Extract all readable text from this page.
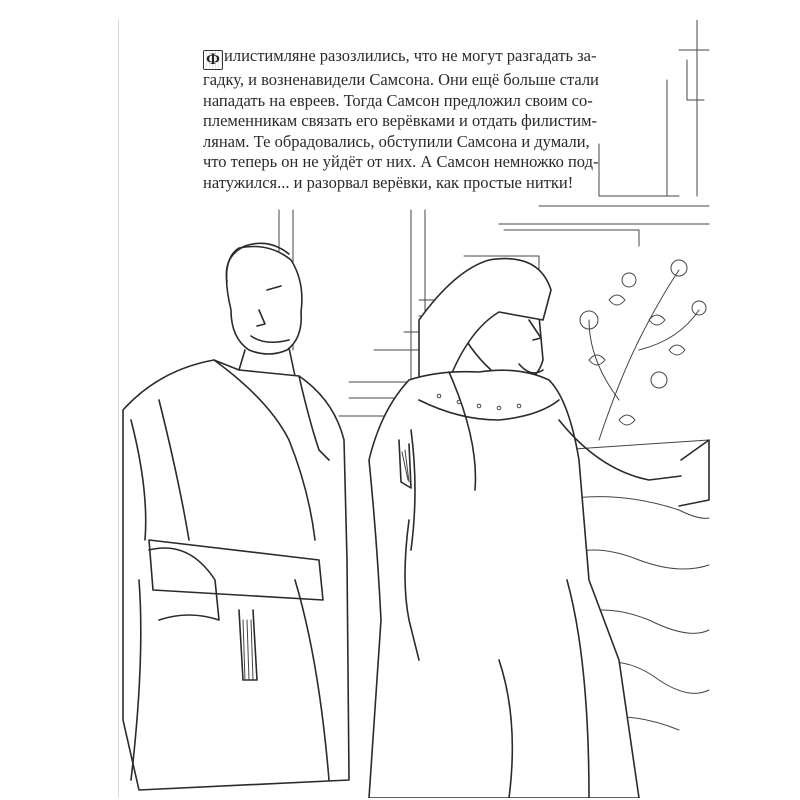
Ф илистимляне разозлились, что не могут разгадать за-
гадку, и возненавидели Самсона. Они ещё больше стали
нападать на евреев. Тогда Самсон предложил своим со-
племенникам связать его верёвками и отдать филистим-
лянам. Те обрадовались, обступили Самсона и думали,
что теперь он не уйдёт от них. А Самсон немножко под-
натужился... и разорвал верёвки, как простые нитки!
